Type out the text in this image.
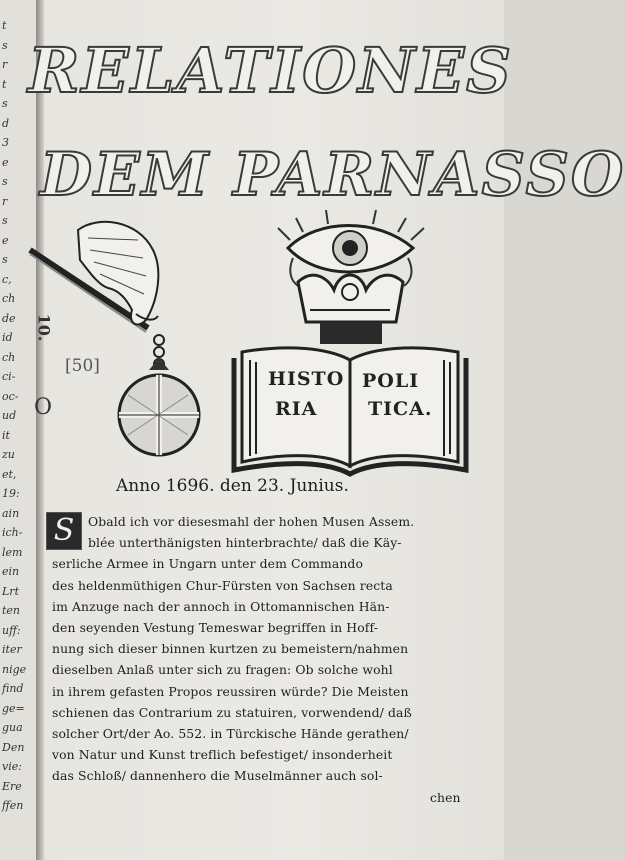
t
s
r
t
s
d
3
e
s
r
s
e
s
c,
ch
de
id
ch
ci-
oc-
ud
it
zu
et,
19:
ain
ich-
lem
ein
Lrt
ten
uff:
iter
nige
find
ge=
gua
Den
vie:
Ere
ffen
RELATIONES
DEM PARNASSO
10.
[50]
O
HISTO
RIA
POLI
TICA.
Anno 1696. den 23. Junius.
S	Obald ich vor diesesmahl der hohen Musen Assem.
blée unterthänigsten hinterbrachte/ daß die Käy-
serliche Armee in Ungarn unter dem Commando
des heldenmüthigen Chur-Fürsten von Sachsen recta
im Anzuge nach der annoch in Ottomannischen Hän-
den seyenden Vestung Temeswar begriffen in Hoff-
nung sich dieser binnen kurtzen zu bemeistern/nahmen
dieselben Anlaß unter sich zu fragen: Ob solche wohl
in ihrem gefasten Propos reussiren würde? Die Meisten
schienen das Contrarium zu statuiren, vorwendend/ daß
solcher Ort/der Ao. 552. in Türckische Hände gerathen/
von Natur und Kunst treflich befestiget/ insonderheit
das Schloß/ dannenhero die Muselmänner auch sol-
chen
